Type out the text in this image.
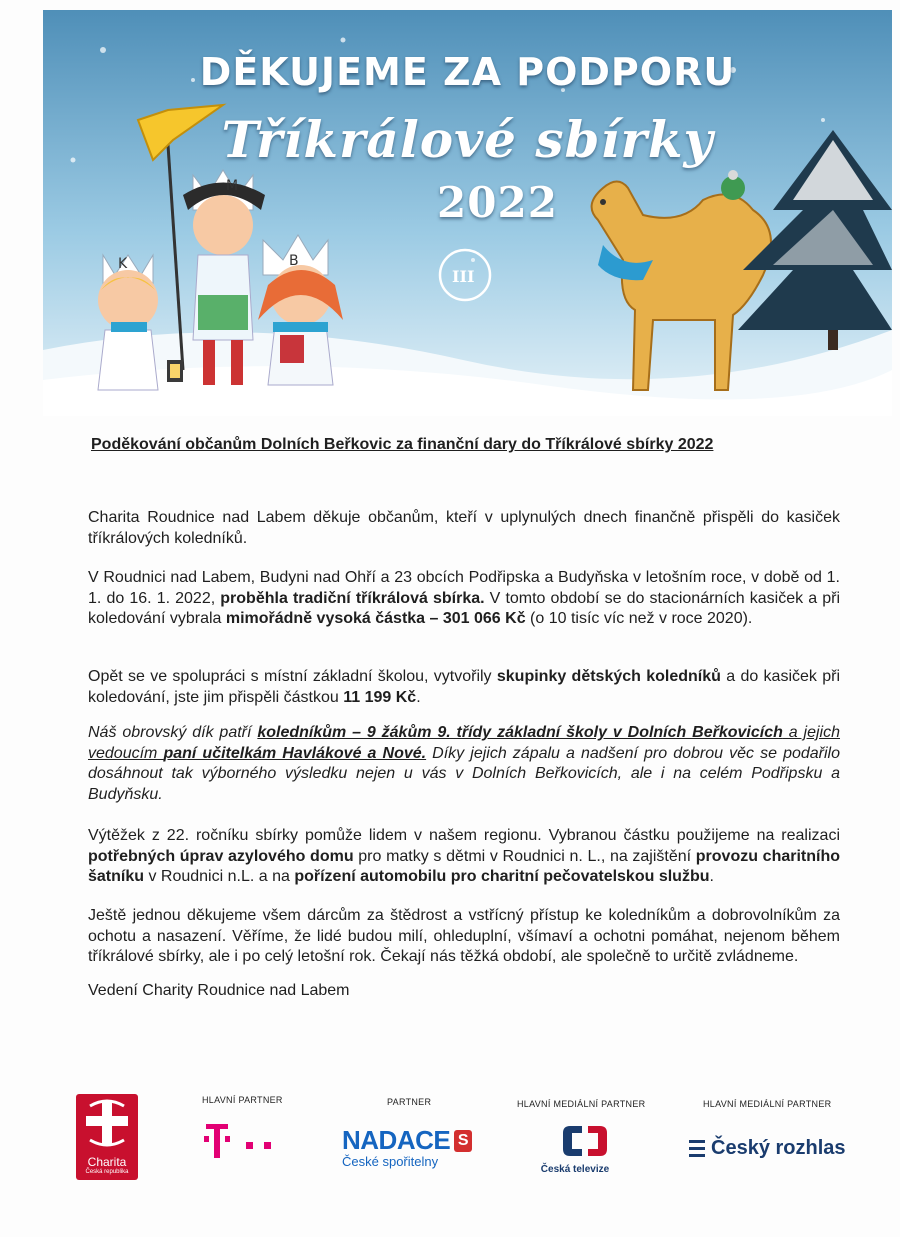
K
M
B
III
DĚKUJEME ZA PODPORU
Tříkrálové sbírky
2022
Poděkování občanům Dolních Beřkovic za finanční dary do Tříkrálové sbírky 2022

Charita Roudnice nad Labem děkuje občanům, kteří v uplynulých dnech finančně přispěli do kasiček tříkrálových koledníků.

V Roudnici nad Labem, Budyni nad Ohří a 23 obcích Podřipska a Budyňska v letošním roce, v době od 1. 1. do 16. 1. 2022, proběhla tradiční tříkrálová sbírka. V tomto období se do stacionárních kasiček a při koledování vybrala mimořádně vysoká částka – 301 066 Kč (o 10 tisíc víc než v roce 2020).

Opět se ve spolupráci s místní základní školou, vytvořily skupinky dětských koledníků a do kasiček při koledování, jste jim přispěli částkou 11 199 Kč.

Náš obrovský dík patří koledníkům – 9 žákům 9. třídy základní školy v Dolních Beřkovicích a jejich vedoucím paní učitelkám Havlákové a Nové. Díky jejich zápalu a nadšení pro dobrou věc se podařilo dosáhnout tak výborného výsledku nejen u vás v Dolních Beřkovicích, ale i na celém Podřipsku a Budyňsku.

Výtěžek z 22. ročníku sbírky pomůže lidem v našem regionu. Vybranou částku použijeme na realizaci potřebných úprav azylového domu pro matky s dětmi v Roudnici n. L., na zajištění provozu charitního šatníku v Roudnici n.L. a na pořízení automobilu pro charitní pečovatelskou službu.

Ještě jednou děkujeme všem dárcům za štědrost a vstřícný přístup ke koledníkům a dobrovolníkům za ochotu a nasazení. Věříme, že lidé budou milí, ohleduplní, všímaví a ochotni pomáhat, nejenom během tříkrálové sbírky, ale i po celý letošní rok. Čekají nás těžká období, ale společně to určitě zvládneme.

Vedení Charity Roudnice nad Labem

Charita
Česká republika
HLAVNÍ PARTNER	PARTNER
NADACE S
České spořitelny
HLAVNÍ MEDIÁLNÍ PARTNER
Česká televize
HLAVNÍ MEDIÁLNÍ PARTNER
Český rozhlas
